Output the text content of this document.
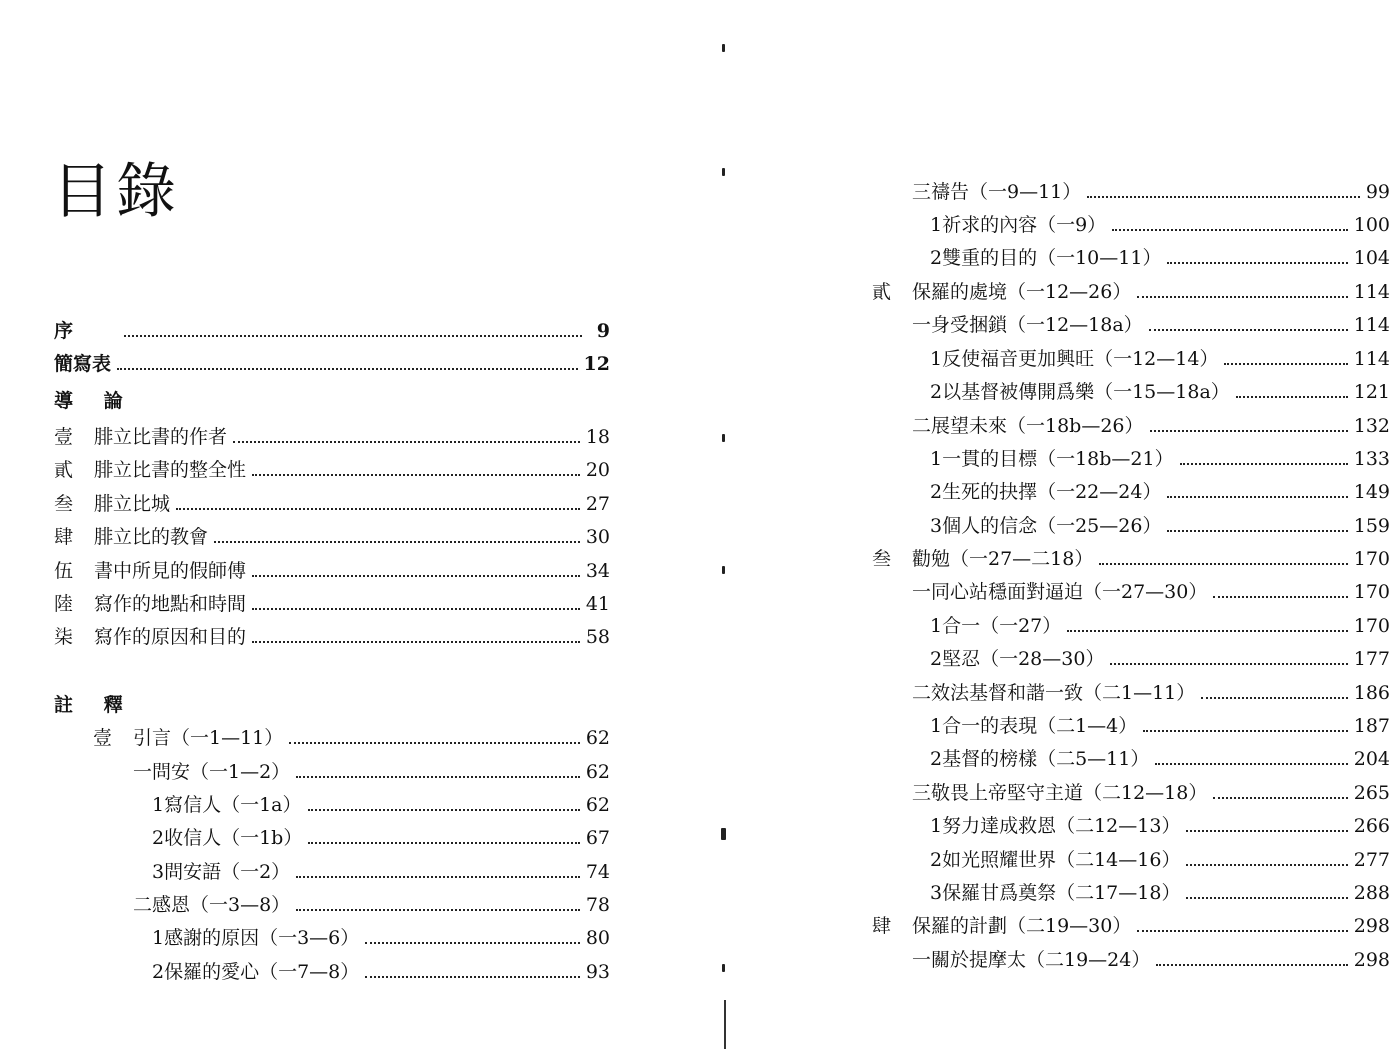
目錄
序	9
簡寫表	12
導 論
壹	腓立比書的作者	18
貳	腓立比書的整全性	20
叁	腓立比城	27
肆	腓立比的教會	30
伍	書中所見的假師傅	34
陸	寫作的地點和時間	41
柒	寫作的原因和目的	58
註 釋
壹	引言（一1—11）	62
一問安（一1—2）	62
1寫信人（一1a）	62
2收信人（一1b）	67
3問安語（一2）	74
二感恩（一3—8）	78
1感謝的原因（一3—6）	80
2保羅的愛心（一7—8）	93
三禱告（一9—11）	99
1祈求的內容（一9）	100
2雙重的目的（一10—11）	104
貳	保羅的處境（一12—26）	114
一身受捆鎖（一12—18a）	114
1反使福音更加興旺（一12—14）	114
2以基督被傳開爲樂（一15—18a）	121
二展望未來（一18b—26）	132
1一貫的目標（一18b—21）	133
2生死的抉擇（一22—24）	149
3個人的信念（一25—26）	159
叁	勸勉（一27—二18）	170
一同心站穩面對逼迫（一27—30）	170
1合一（一27）	170
2堅忍（一28—30）	177
二效法基督和諧一致（二1—11）	186
1合一的表現（二1—4）	187
2基督的榜樣（二5—11）	204
三敬畏上帝堅守主道（二12—18）	265
1努力達成救恩（二12—13）	266
2如光照耀世界（二14—16）	277
3保羅甘爲奠祭（二17—18）	288
肆	保羅的計劃（二19—30）	298
一關於提摩太（二19—24）	298
